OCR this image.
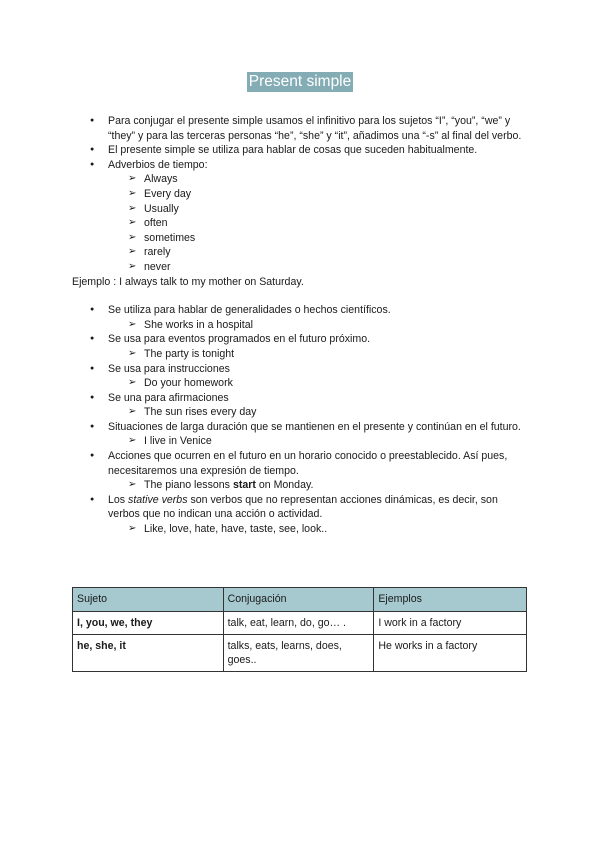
Present simple
● Para conjugar el presente simple usamos el infinitivo para los sujetos “I”, “you”, “we” y “they” y para las terceras personas “he”, “she” y “it”, añadimos una “-s” al final del verbo.
● El presente simple se utiliza para hablar de cosas que suceden habitualmente.
● Adverbios de tiempo:
➢ Always
➢ Every day
➢ Usually
➢ often
➢ sometimes
➢ rarely
➢ never

Ejemplo : I always talk to my mother on Saturday.

● Se utiliza para hablar de generalidades o hechos científicos.
➢ She works in a hospital
● Se usa para eventos programados en el futuro próximo.
➢ The party is tonight
● Se usa para instrucciones
➢ Do your homework
● Se una para afirmaciones
➢ The sun rises every day
● Situaciones de larga duración que se mantienen en el presente y continúan en el futuro.
➢ I live in Venice
● Acciones que ocurren en el futuro en un horario conocido o preestablecido. Así pues, necesitaremos una expresión de tiempo.
➢ The piano lessons start on Monday.
● Los stative verbs son verbos que no representan acciones dinámicas, es decir, son verbos que no indican una acción o actividad.
➢ Like, love, hate, have, taste, see, look..
Sujeto	Conjugación	Ejemplos
I, you, we, they	talk, eat, learn, do, go… .	I work in a factory
he, she, it	talks, eats, learns, does, goes..	He works in a factory
